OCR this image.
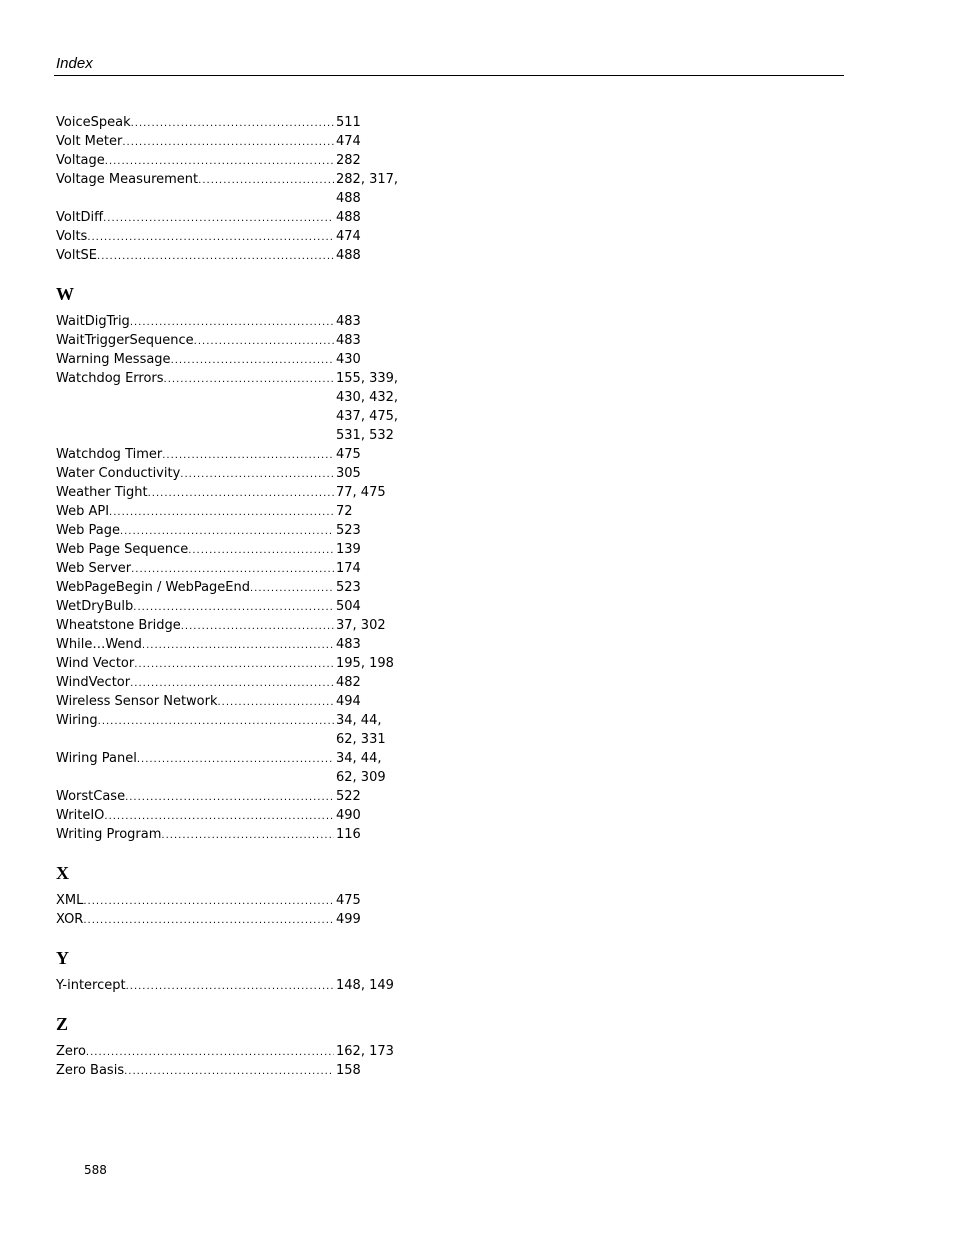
Index
VoiceSpeak .....	511
Volt Meter .....	474
Voltage .....	282
Voltage Measurement .....	282, 317, 488
VoltDiff .....	488
Volts .....	474
VoltSE .....	488
W
WaitDigTrig .....	483
WaitTriggerSequence .....	483
Warning Message .....	430
Watchdog Errors .....	155, 339, 430, 432, 437, 475, 531, 532
Watchdog Timer .....	475
Water Conductivity .....	305
Weather Tight .....	77, 475
Web API .....	72
Web Page .....	523
Web Page Sequence .....	139
Web Server .....	174
WebPageBegin / WebPageEnd .....	523
WetDryBulb .....	504
Wheatstone Bridge .....	37, 302
While…Wend .....	483
Wind Vector .....	195, 198
WindVector .....	482
Wireless Sensor Network .....	494
Wiring .....	34, 44, 62, 331
Wiring Panel .....	34, 44, 62, 309
WorstCase .....	522
WriteIO .....	490
Writing Program .....	116
X
XML .....	475
XOR .....	499
Y
Y-intercept .....	148, 149
Z
Zero .....	162, 173
Zero Basis .....	158
588
